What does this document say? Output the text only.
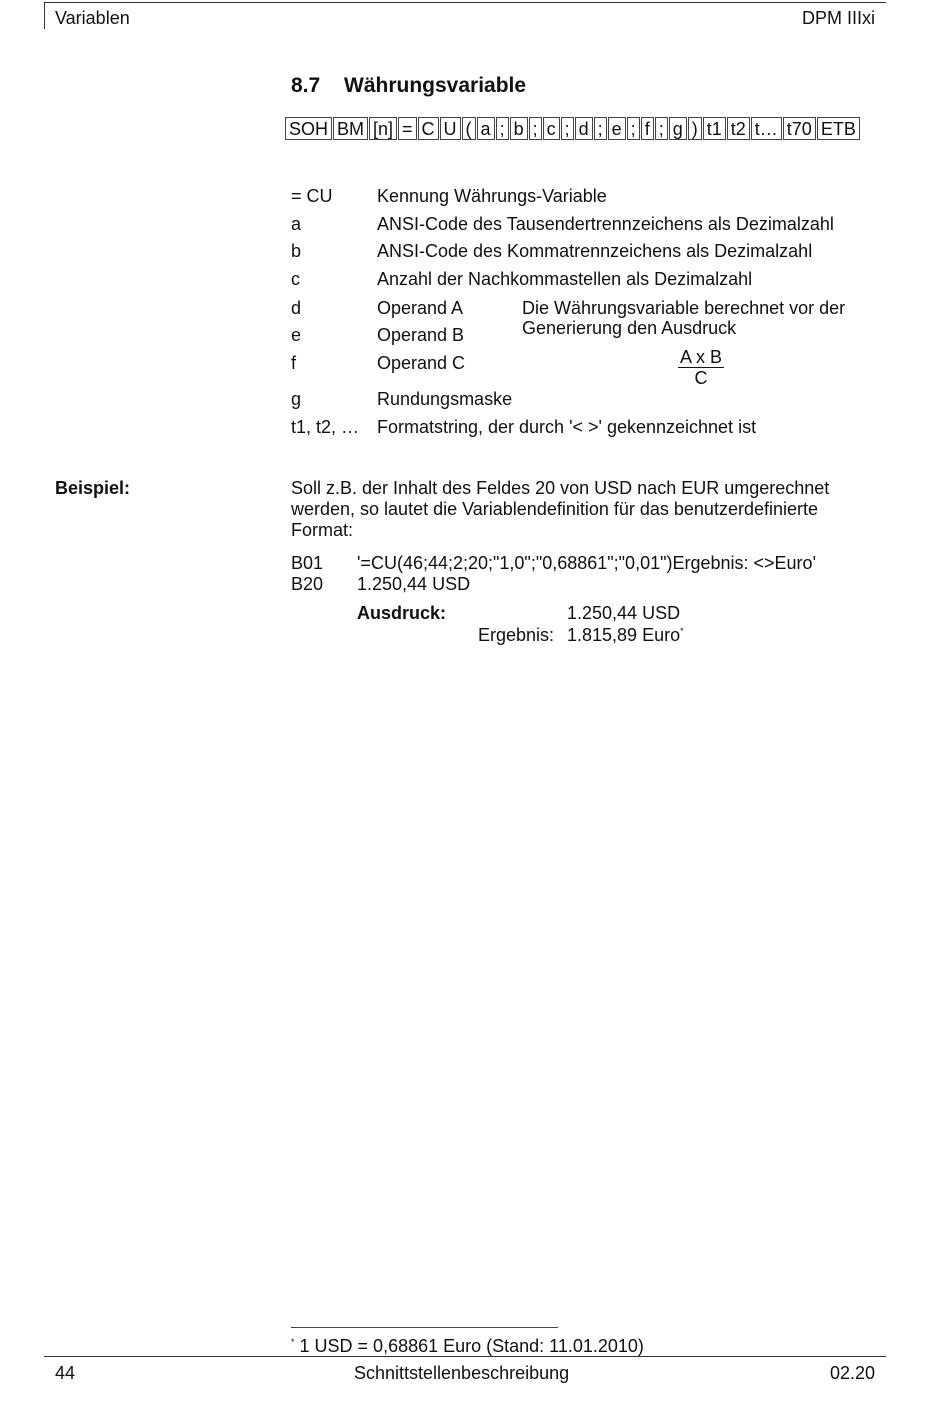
Variablen	DPM IIIxi
8.7 Währungsvariable
SOH BM [n] = C U ( a ; b ; c ; d ; e ; f ; g ) t1 t2 t… t70 ETB
= CU Kennung Währungs-Variable
a	ANSI-Code des Tausendertrennzeichens als Dezimalzahl
b	ANSI-Code des Kommatrennzeichens als Dezimalzahl
c	Anzahl der Nachkommastellen als Dezimalzahl
d	Operand A
e	Operand B
f	Operand C
g	Rundungsmaske
t1, t2, … Formatstring, der durch '< >' gekennzeichnet ist
Die Währungsvariable berechnet vor der Generierung den Ausdruck
$\frac{\text{A x B}}{C}$
Beispiel:	Soll z.B. der Inhalt des Feldes 20 von USD nach EUR umgerechnet werden, so lautet die Variablendefinition für das benutzerdefinierte Format:
B01 '=CU(46;44;2;20;"1,0";"0,68861";"0,01")Ergebnis: <>Euro'
B20 1.250,44 USD
Ausdruck:	1.250,44 USD
Ergebnis: 1.815,89 Euro*
* 1 USD = 0,68861 Euro (Stand: 11.01.2010)
44	Schnittstellenbeschreibung	02.20
